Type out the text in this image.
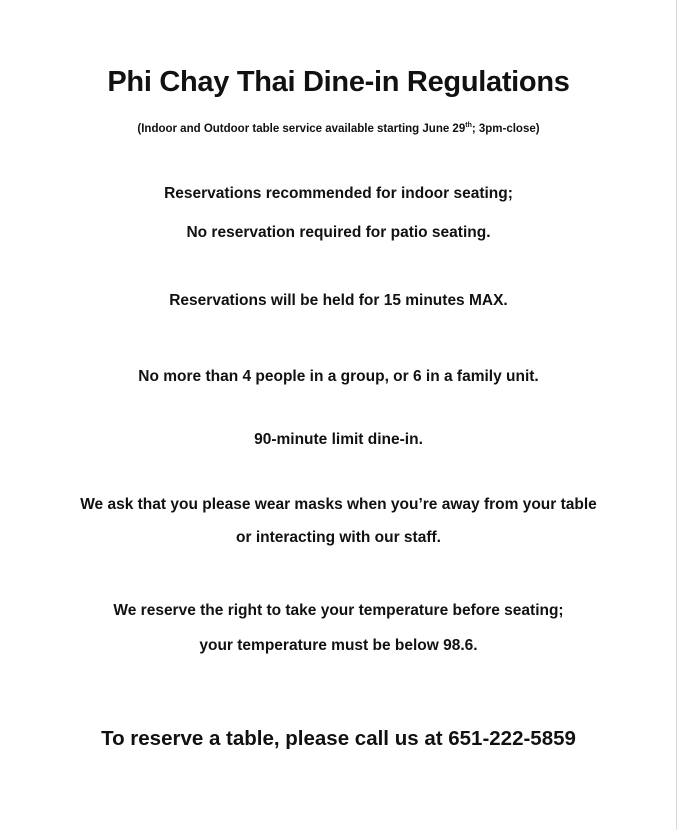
Phi Chay Thai Dine-in Regulations
(Indoor and Outdoor table service available starting June 29th; 3pm-close)
Reservations recommended for indoor seating;
No reservation required for patio seating.
Reservations will be held for 15 minutes MAX.
No more than 4 people in a group, or 6 in a family unit.
90-minute limit dine-in.
We ask that you please wear masks when you’re away from your table
or interacting with our staff.
We reserve the right to take your temperature before seating;
your temperature must be below 98.6.
To reserve a table, please call us at 651-222-5859
